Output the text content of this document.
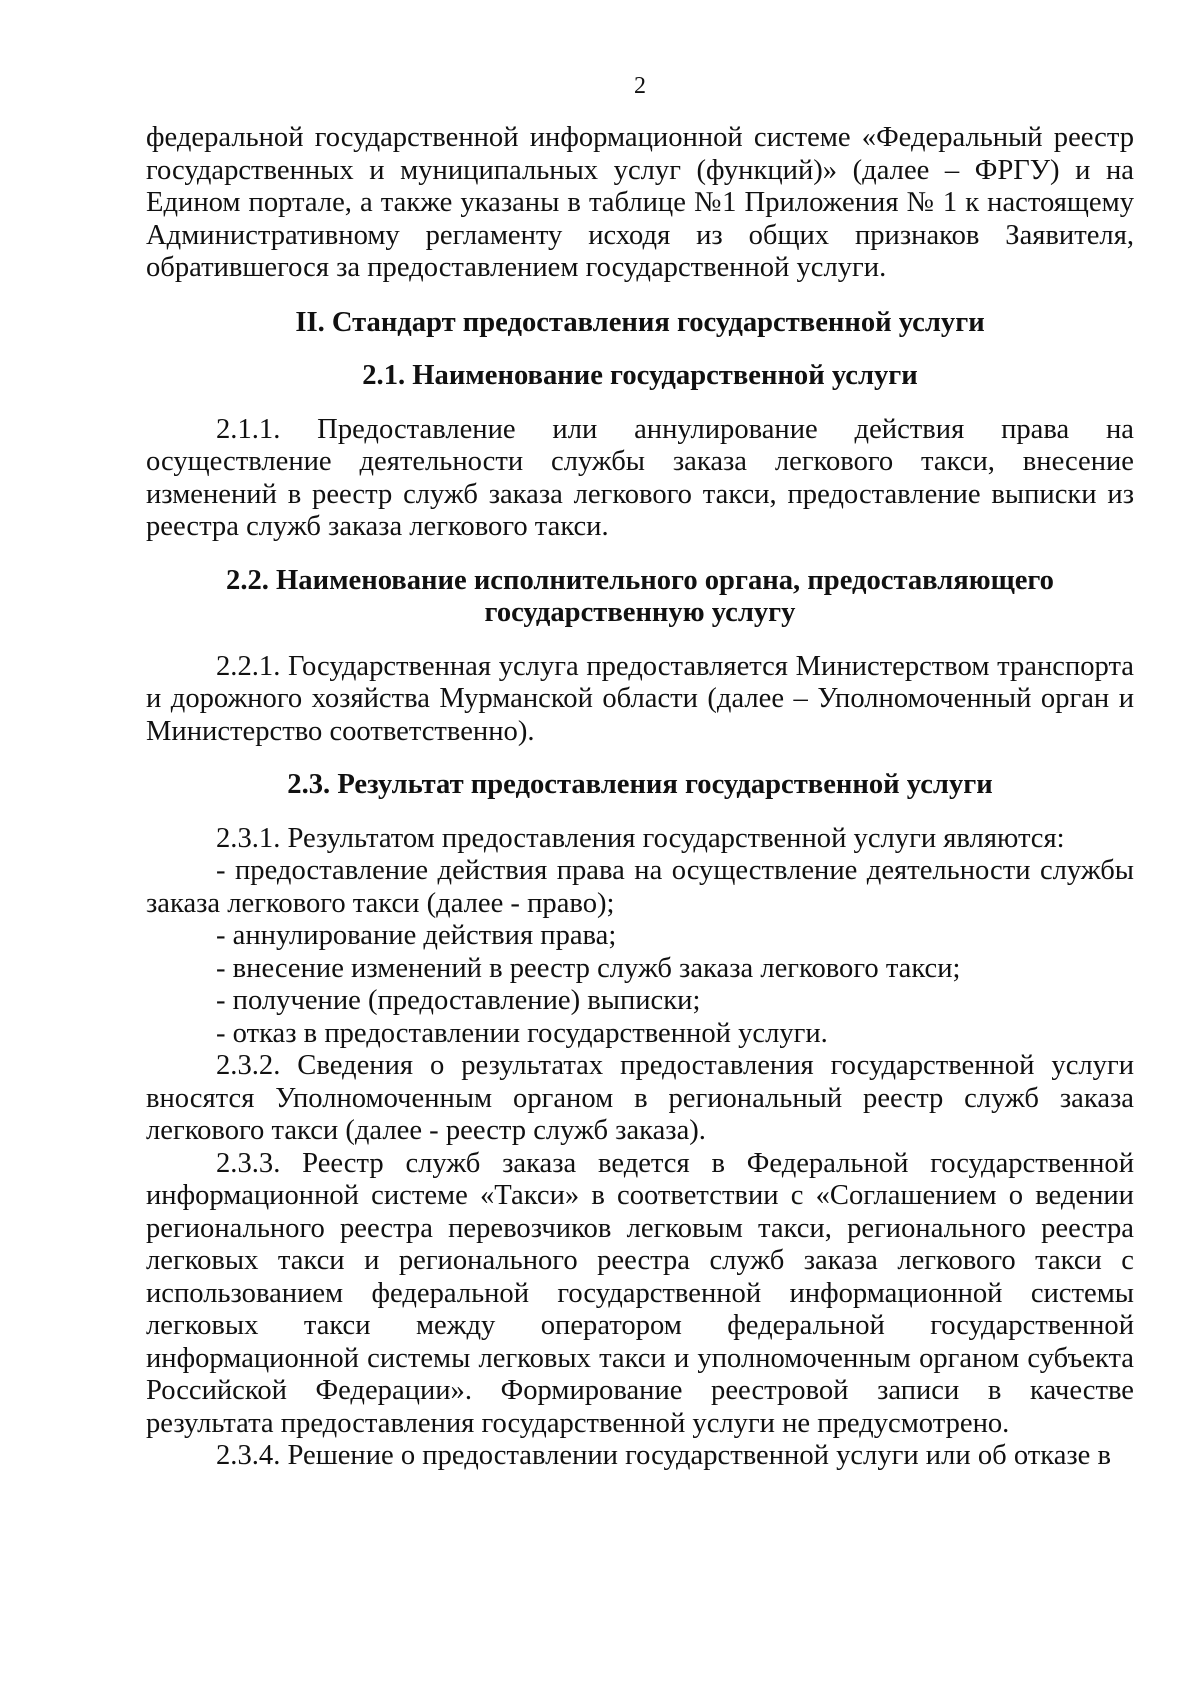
2

федеральной государственной информационной системе «Федеральный реестр государственных и муниципальных услуг (функций)» (далее – ФРГУ) и на Едином портале, а также указаны в таблице №1 Приложения № 1 к настоящему Административному регламенту исходя из общих признаков Заявителя, обратившегося за предоставлением государственной услуги.

II. Стандарт предоставления государственной услуги
2.1. Наименование государственной услуги

2.1.1. Предоставление или аннулирование действия права на осуществление деятельности службы заказа легкового такси, внесение изменений в реестр служб заказа легкового такси, предоставление выписки из реестра служб заказа легкового такси.

2.2. Наименование исполнительного органа, предоставляющего
государственную услугу

2.2.1. Государственная услуга предоставляется Министерством транспорта и дорожного хозяйства Мурманской области (далее – Уполномоченный орган и Министерство соответственно).

2.3. Результат предоставления государственной услуги

2.3.1. Результатом предоставления государственной услуги являются:

- предоставление действия права на осуществление деятельности службы заказа легкового такси (далее - право);

- аннулирование действия права;

- внесение изменений в реестр служб заказа легкового такси;

- получение (предоставление) выписки;

- отказ в предоставлении государственной услуги.

2.3.2. Сведения о результатах предоставления государственной услуги вносятся Уполномоченным органом в региональный реестр служб заказа легкового такси (далее - реестр служб заказа).

2.3.3. Реестр служб заказа ведется в Федеральной государственной информационной системе «Такси» в соответствии с «Соглашением о ведении регионального реестра перевозчиков легковым такси, регионального реестра легковых такси и регионального реестра служб заказа легкового такси с использованием федеральной государственной информационной системы легковых такси между оператором федеральной государственной информационной системы легковых такси и уполномоченным органом субъекта Российской Федерации». Формирование реестровой записи в качестве результата предоставления государственной услуги не предусмотрено.

2.3.4. Решение о предоставлении государственной услуги или об отказе в
